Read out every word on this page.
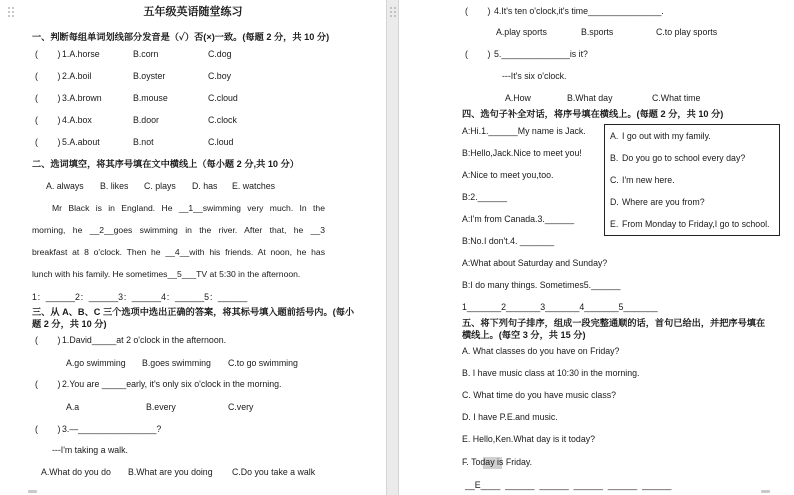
五年级英语随堂练习
一、判断每组单词划线部分发音是（✓）否(×)一致。(每题 2 分，共 10 分)
(        ) 1.A.horse	B.corn	C.dog
(        ) 2.A.boil	B.oyster	C.boy
(        ) 3.A.brown	B.mouse	C.cloud
(        ) 4.A.box	B.door	C.clock
(        ) 5.A.about	B.not	C.loud
二、选词填空，将其序号填在文中横线上（每小题 2 分,共 10 分）
A. always B. likes C. plays D. has E. watches
Mr Black is in England. He __1__swimming very much. In the
morning, he __2__goes swimming in the river. After that, he __3
breakfast at 8 o'clock. Then he __4__with his friends. At noon, he has
lunch with his family. He sometimes__5___TV at 5:30 in the afternoon.
1：______2：______3：______4：______5：______
三、从 A、B、C 三个选项中选出正确的答案，将其标号填入题前括号内。(每小
题 2 分，共 10 分)
(        ) 1.David_____at 2 o'clock in the afternoon.
A.go swimming B.goes swimming C.to go swimming
(        ) 2.You are _____early, it's only six o'clock in the morning.
A.a	B.every	C.very
(        ) 3.—________________?
---I'm taking a walk.
A.What do you do B.What are you doing C.Do you take a walk
(        ) 4.It's ten o'clock,it's time_______________.
A.play sports	B.sports	C.to play sports
(        ) 5.______________is it?
---It's six o'clock.
A.How	B.What day	C.What time
四、选句子补全对话，将序号填在横线上。(每题 2 分，共 10 分)
A:Hi.1.______My name is Jack.
B:Hello,Jack.Nice to meet you!
A:Nice to meet you,too.
B:2.______
A:I'm from Canada.3.______
B:No.I don't.4. _______
A:What about Saturday and Sunday?
B:I do many things. Sometimes5.______
A. I go out with my family.
B. Do you go to school every day?
C. I'm new here.
D. Where are you from?
E. From Monday to Friday,I go to school.
1_______2_______3_______4_______5_______
五、将下列句子排序，组成一段完整通顺的话，首句已给出，并把序号填在
横线上。(每空 3 分，共 15 分)
A. What classes do you have on Friday?
B. I have music class at 10:30 in the morning.
C. What time do you have music class?
D. I have P.E.and music.
E. Hello,Ken.What day is it today?
F. Today is Friday.
__E____  ______  ______  ______  ______  ______
